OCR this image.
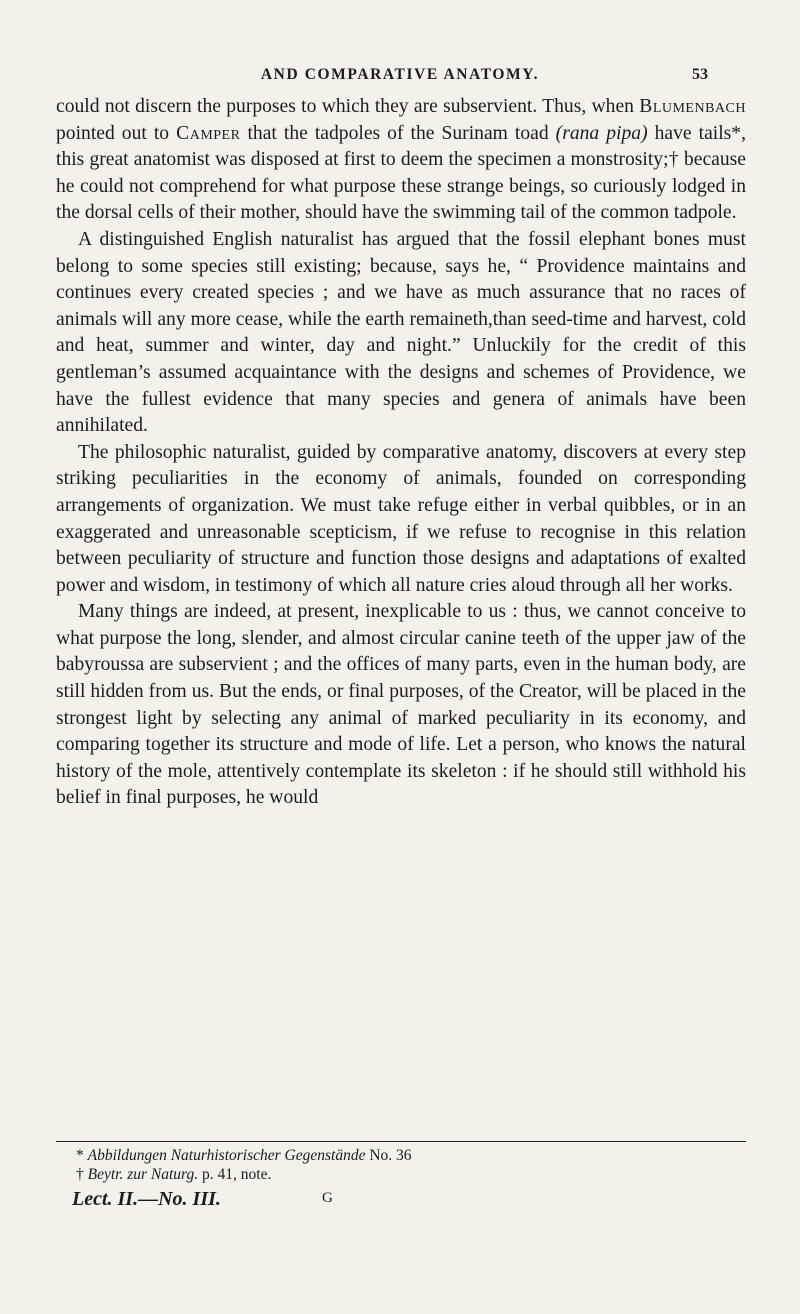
AND COMPARATIVE ANATOMY.	53

could not discern the purposes to which they are subservient. Thus, when Blumenbach pointed out to Camper that the tadpoles of the Surinam toad (rana pipa) have tails*, this great anatomist was disposed at first to deem the specimen a monstrosity;† because he could not comprehend for what purpose these strange beings, so curiously lodged in the dorsal cells of their mother, should have the swimming tail of the common tadpole.

A distinguished English naturalist has argued that the fossil elephant bones must belong to some species still existing; because, says he, “ Providence maintains and continues every created species ; and we have as much assurance that no races of animals will any more cease, while the earth remaineth,than seed-time and harvest, cold and heat, summer and winter, day and night.” Unluckily for the credit of this gentleman’s assumed acquaintance with the designs and schemes of Providence, we have the fullest evidence that many species and genera of animals have been annihilated.

The philosophic naturalist, guided by comparative anatomy, discovers at every step striking peculiarities in the economy of animals, founded on corresponding arrangements of organization. We must take refuge either in verbal quibbles, or in an exaggerated and unreasonable scepticism, if we refuse to recognise in this relation between peculiarity of structure and function those designs and adaptations of exalted power and wisdom, in testimony of which all nature cries aloud through all her works.

Many things are indeed, at present, inexplicable to us : thus, we cannot conceive to what purpose the long, slender, and almost circular canine teeth of the upper jaw of the babyroussa are subservient ; and the offices of many parts, even in the human body, are still hidden from us. But the ends, or final purposes, of the Creator, will be placed in the strongest light by selecting any animal of marked peculiarity in its economy, and comparing together its structure and mode of life. Let a person, who knows the natural history of the mole, attentively contemplate its skeleton : if he should still withhold his belief in final purposes, he would

* Abbildungen Naturhistorischer Gegenstände No. 36
† Beytr. zur Naturg. p. 41, note.
Lect. II.—No. III.	G
